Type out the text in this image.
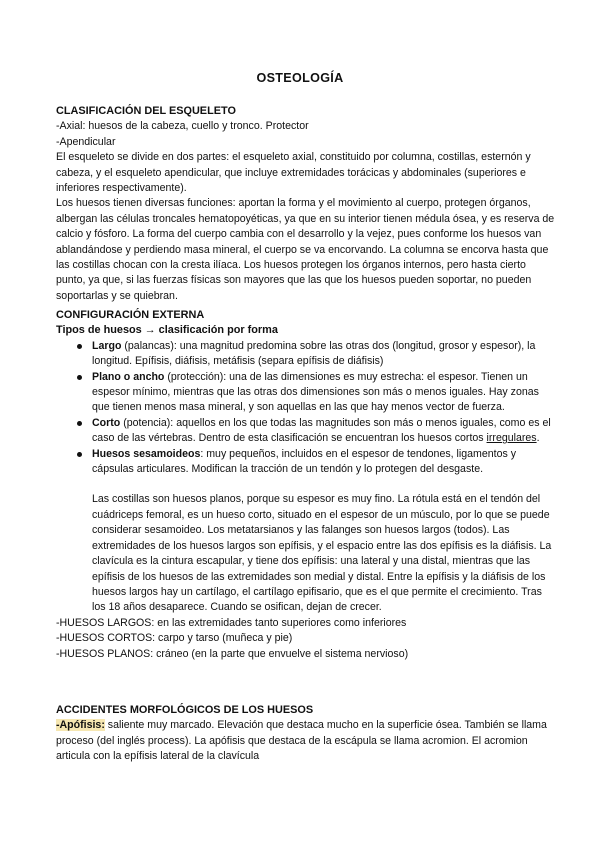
OSTEOLOGÍA

CLASIFICACIÓN DEL ESQUELETO

-Axial: huesos de la cabeza, cuello y tronco. Protector

-Apendicular

El esqueleto se divide en dos partes: el esqueleto axial, constituido por columna, costillas, esternón y cabeza, y el esqueleto apendicular, que incluye extremidades torácicas y abdominales (superiores e inferiores respectivamente).

Los huesos tienen diversas funciones: aportan la forma y el movimiento al cuerpo, protegen órganos, albergan las células troncales hematopoyéticas, ya que en su interior tienen médula ósea, y es reserva de calcio y fósforo. La forma del cuerpo cambia con el desarrollo y la vejez, pues conforme los huesos van ablandándose y perdiendo masa mineral, el cuerpo se va encorvando. La columna se encorva hasta que las costillas chocan con la cresta ilíaca. Los huesos protegen los órganos internos, pero hasta cierto punto, ya que, si las fuerzas físicas son mayores que las que los huesos pueden soportar, no pueden soportarlas y se quiebran.

CONFIGURACIÓN EXTERNA

Tipos de huesos → clasificación por forma

Largo (palancas): una magnitud predomina sobre las otras dos (longitud, grosor y espesor), la longitud. Epífisis, diáfisis, metáfisis (separa epífisis de diáfisis)
Plano o ancho (protección): una de las dimensiones es muy estrecha: el espesor. Tienen un espesor mínimo, mientras que las otras dos dimensiones son más o menos iguales. Hay zonas que tienen menos masa mineral, y son aquellas en las que hay menos vector de fuerza.
Corto (potencia): aquellos en los que todas las magnitudes son más o menos iguales, como es el caso de las vértebras. Dentro de esta clasificación se encuentran los huesos cortos irregulares.
Huesos sesamoideos: muy pequeños, incluidos en el espesor de tendones, ligamentos y cápsulas articulares. Modifican la tracción de un tendón y lo protegen del desgaste.

Las costillas son huesos planos, porque su espesor es muy fino. La rótula está en el tendón del cuádriceps femoral, es un hueso corto, situado en el espesor de un músculo, por lo que se puede considerar sesamoideo. Los metatarsianos y las falanges son huesos largos (todos). Las extremidades de los huesos largos son epífisis, y el espacio entre las dos epífisis es la diáfisis. La clavícula es la cintura escapular, y tiene dos epífisis: una lateral y una distal, mientras que las epífisis de los huesos de las extremidades son medial y distal. Entre la epífisis y la diáfisis de los huesos largos hay un cartílago, el cartílago epifisario, que es el que permite el crecimiento. Tras los 18 años desaparece. Cuando se osifican, dejan de crecer.

-HUESOS LARGOS: en las extremidades tanto superiores como inferiores

-HUESOS CORTOS: carpo y tarso (muñeca y pie)

-HUESOS PLANOS: cráneo (en la parte que envuelve el sistema nervioso)

ACCIDENTES MORFOLÓGICOS DE LOS HUESOS

-Apófisis: saliente muy marcado. Elevación que destaca mucho en la superficie ósea. También se llama proceso (del inglés process). La apófisis que destaca de la escápula se llama acromion. El acromion articula con la epífisis lateral de la clavícula
